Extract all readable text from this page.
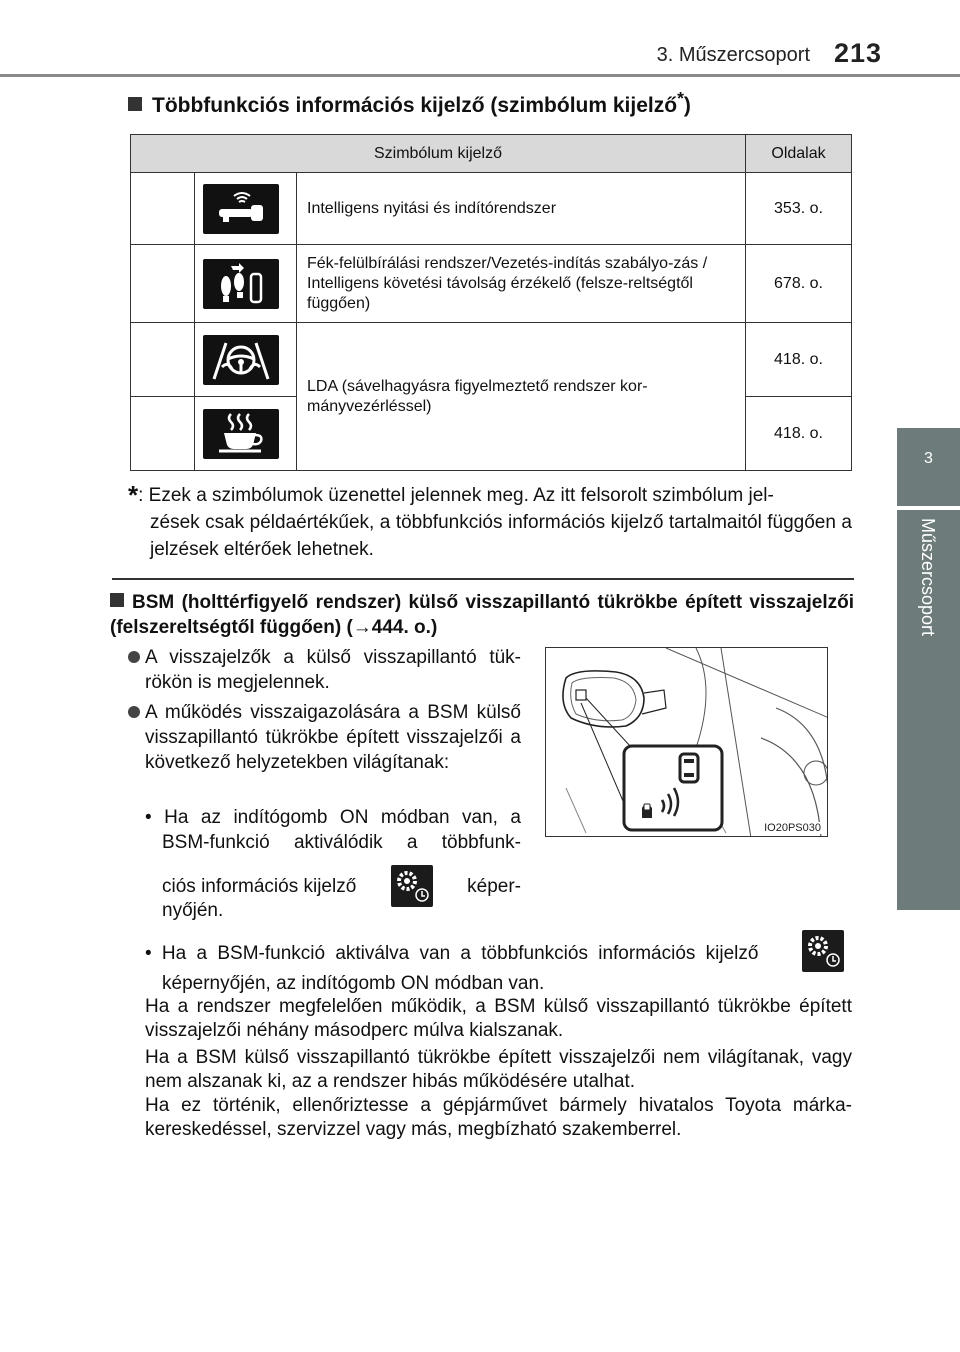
3. Műszercsoport 213
3
Műszercsoport
Többfunkciós információs kijelző (szimbólum kijelző*)
Szimbólum kijelző			Oldalak

	Intelligens nyitási és indítórendszer	353. o.

	Fék-felülbírálási rendszer/Vezetés-indítás szabályo-zás / Intelligens követési távolság érzékelő (felsze-reltségtől függően)	678. o.

	LDA (sávelhagyásra figyelmeztető rendszer kor-mányvezérléssel)	418. o.

	418. o.
*: Ezek a szimbólumok üzenettel jelennek meg. Az itt felsorolt szimbólum jel-
zések csak példaértékűek, a többfunkciós információs kijelző tartalmaitól függően a jelzések eltérőek lehetnek.
BSM (holttérfigyelő rendszer) külső visszapillantó tükrökbe épített visszajelzői (felszereltségtől függően) (→444. o.)
A visszajelzők a külső visszapillantó tük-rökön is megjelennek.
A működés visszaigazolására a BSM külső visszapillantó tükrökbe épített visszajelzői a következő helyzetekben világítanak:
• Ha az indítógomb ON módban van, a
BSM-funkció aktiválódik a többfunk-
ciós információs kijelző	képer-
nyőjén.
• Ha a BSM-funkció aktiválva van a többfunkciós információs kijelző
képernyőjén, az indítógomb ON módban van.
Ha a rendszer megfelelően működik, a BSM külső visszapillantó tükrökbe épített visszajelzői néhány másodperc múlva kialszanak.
Ha a BSM külső visszapillantó tükrökbe épített visszajelzői nem világítanak, vagy nem alszanak ki, az a rendszer hibás működésére utalhat.
Ha ez történik, ellenőriztesse a gépjárművet bármely hivatalos Toyota márka-kereskedéssel, szervizzel vagy más, megbízható szakemberrel.
IO20PS030
